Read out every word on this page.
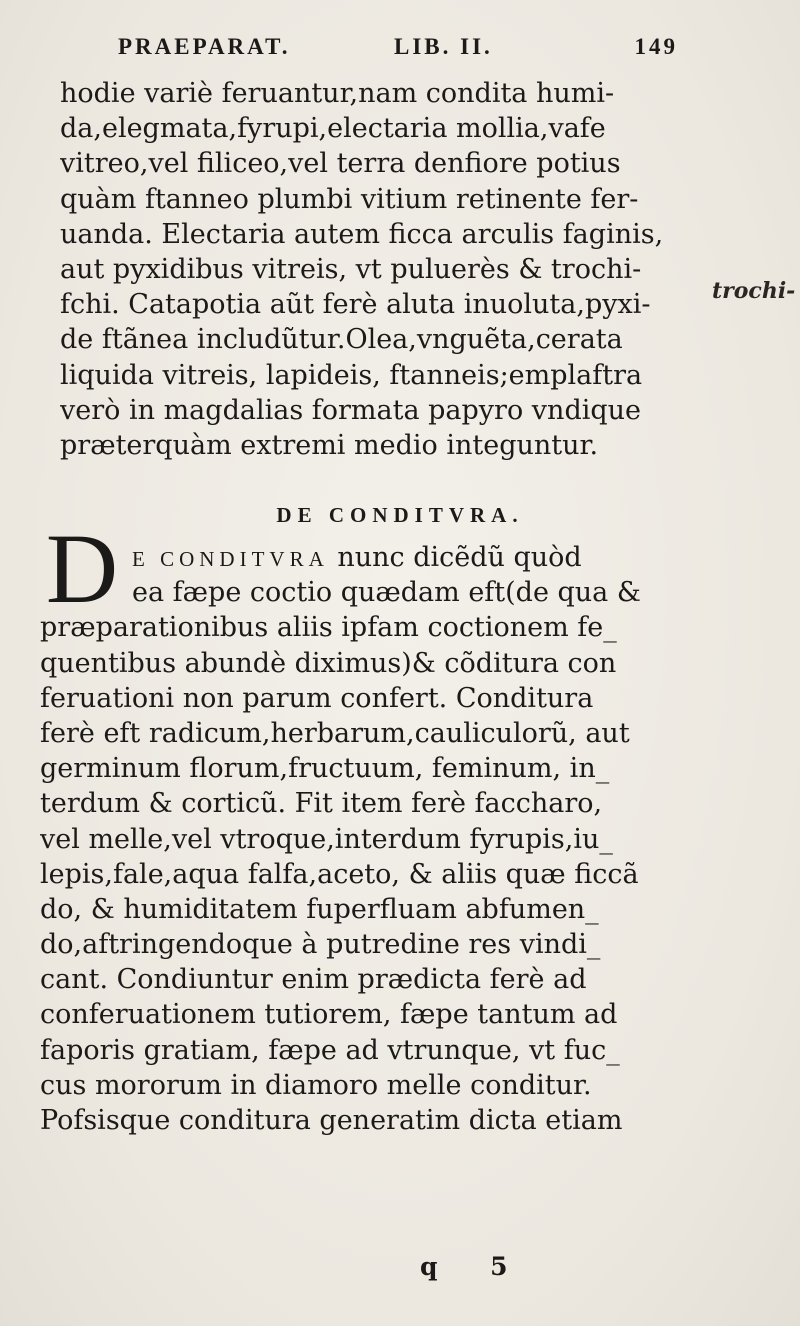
PRAEPARAT.	LIB. II.	149
hodie variè feruantur,nam condita humi-
da,elegmata,fyrupi,electaria mollia,vafe
vitreo,vel filiceo,vel terra denfiore potius
quàm ftanneo plumbi vitium retinente fer-
uanda. Electaria autem ficca arculis faginis,
aut pyxidibus vitreis, vt puluerès & trochi-
fchi. Catapotia aũt ferè aluta inuoluta,pyxi-
de ftãnea includũtur.Olea,vnguẽta,cerata
liquida vitreis, lapideis, ftanneis;emplaftra
verò in magdalias formata papyro vndique
præterquàm extremi medio integuntur.
trochi-
DE CONDITVRA.
D E CONDITVRA nunc dicẽdũ quòd
ea fæpe coctio quædam eft(de qua &
præparationibus aliis ipfam coctionem fe_
quentibus abundè diximus)& cõditura con
feruationi non parum confert. Conditura
ferè eft radicum,herbarum,cauliculorũ, aut
germinum florum,fructuum, feminum, in_
terdum & corticũ. Fit item ferè faccharo,
vel melle,vel vtroque,interdum fyrupis,iu_
lepis,fale,aqua falfa,aceto, & aliis quæ ficcã
do, & humiditatem fuperfluam abfumen_
do,aftringendoque à putredine res vindi_
cant. Condiuntur enim prædicta ferè ad
conferuationem tutiorem, fæpe tantum ad
faporis gratiam, fæpe ad vtrunque, vt fuc_
cus mororum in diamoro melle conditur.
Pofsisque conditura generatim dicta etiam
q 5
